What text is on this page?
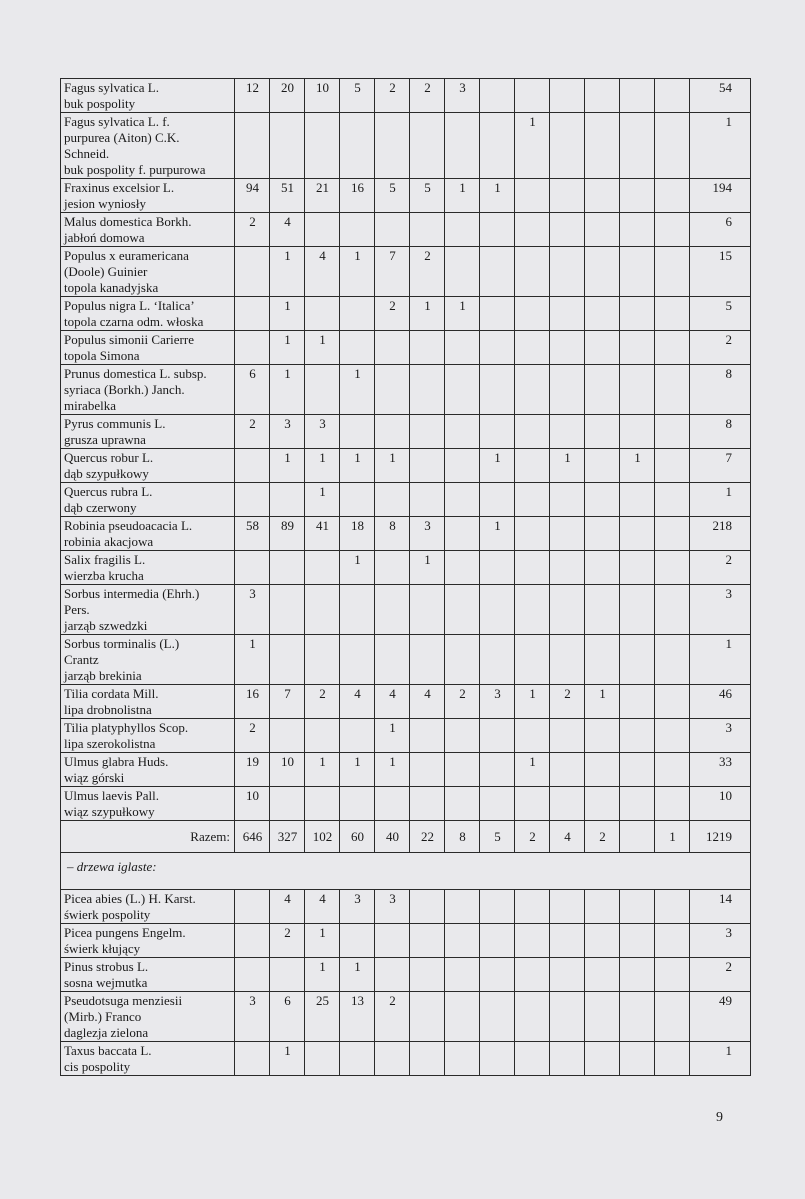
Fagus sylvatica L.
buk pospolity	12	20	10	5	2	2	3							54

Fagus sylvatica L. f.
purpurea (Aiton) C.K.
Schneid.
buk pospolity f. purpurowa									1					1

Fraxinus excelsior L.
jesion wyniosły	94	51	21	16	5	5	1	1						194

Malus domestica Borkh.
jabłoń domowa	2	4												6

Populus x euramericana
(Doole) Guinier
topola kanadyjska		1	4	1	7	2								15

Populus nigra L. ‘Italica’
topola czarna odm. włoska		1			2	1	1							5

Populus simonii Carierre
topola Simona		1	1											2

Prunus domestica L. subsp.
syriaca (Borkh.) Janch.
mirabelka	6	1		1										8

Pyrus communis L.
grusza uprawna	2	3	3											8

Quercus robur L.
dąb szypułkowy		1	1	1	1			1		1		1		7

Quercus rubra L.
dąb czerwony			1											1

Robinia pseudoacacia L.
robinia akacjowa	58	89	41	18	8	3		1						218

Salix fragilis L.
wierzba krucha				1		1								2

Sorbus intermedia (Ehrh.)
Pers.
jarząb szwedzki	3													3

Sorbus torminalis (L.)
Crantz
jarząb brekinia	1													1

Tilia cordata Mill.
lipa drobnolistna	16	7	2	4	4	4	2	3	1	2	1			46

Tilia platyphyllos Scop.
lipa szerokolistna	2				1									3

Ulmus glabra Huds.
wiąz górski	19	10	1	1	1				1					33

Ulmus laevis Pall.
wiąz szypułkowy	10													10
Razem:	646	327	102	60	40	22	8	5	2	4	2		1	1219
– drzewa iglaste:														

Picea abies (L.) H. Karst.
świerk pospolity		4	4	3	3									14

Picea pungens Engelm.
świerk kłujący		2	1											3

Pinus strobus L.
sosna wejmutka			1	1										2

Pseudotsuga menziesii
(Mirb.) Franco
daglezja zielona	3	6	25	13	2									49

Taxus baccata L.
cis pospolity		1												1
9
